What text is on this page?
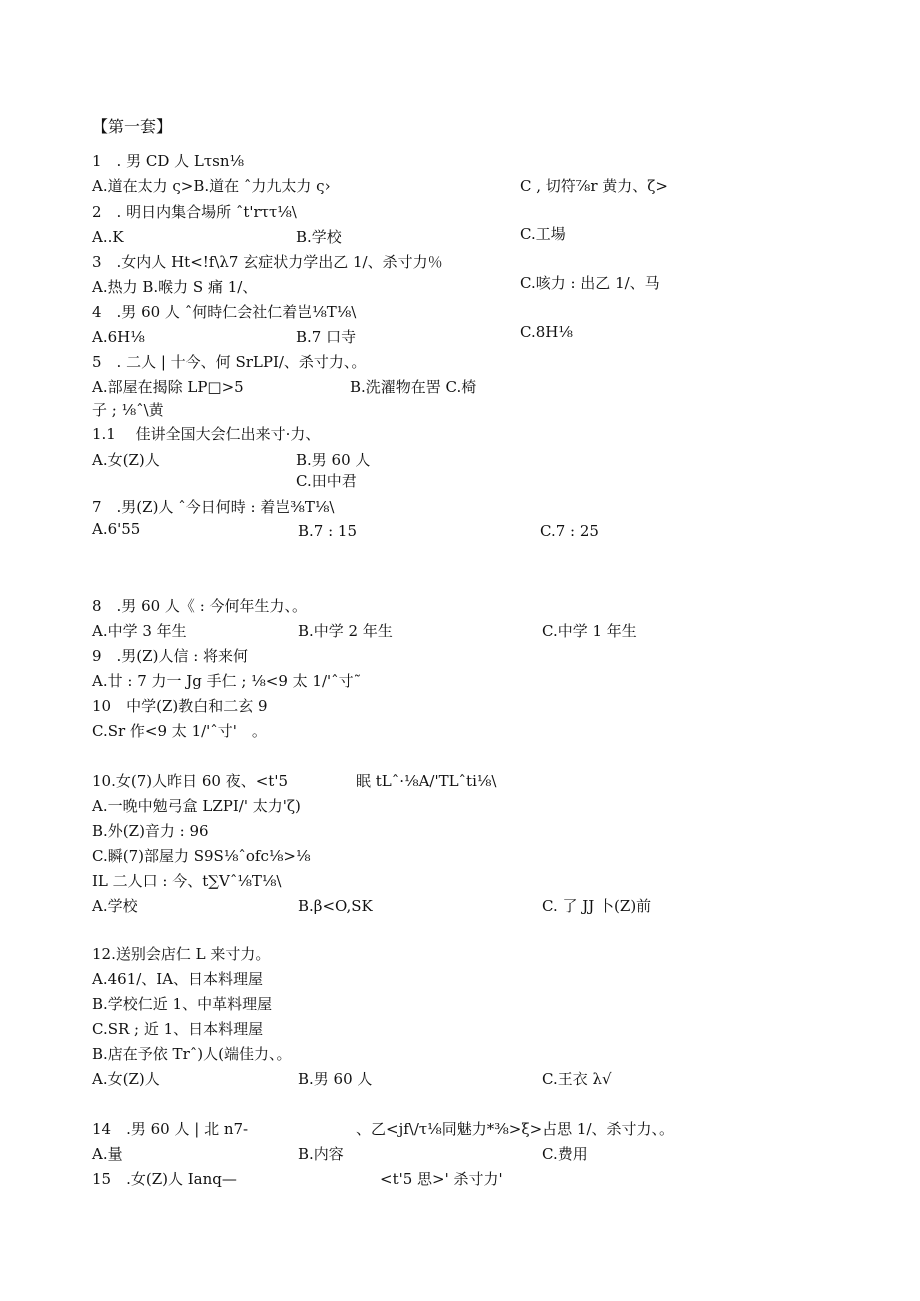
【第一套】
1　. 男 CD 人 Lτsn⅛
A.道在太力 ς>B.道在 ˆ力九太力 ς›	C , 切符⅞r 黄力、ζ>
2　. 明日内集合場所 ˆt'rττ⅛\
A..K	B.学校	C.工場
3　.女内人 Ht<!f\λ7 玄症状力学出乙 1/、杀寸力％
A.热力 B.喉力 S 痛 1/、	C.咳力 : 出乙 1/、马
4　.男 60 人 ˆ何時仁会社仁着岂⅛T⅛\
A.6H⅛	B.7 口寺	C.8H⅛
5　. 二人 | 十今、何 SrLPI/、杀寸力、。
A.部屋在揭除 LP□>5	B.洗濯物在罟 C.椅
子 ; ⅛ˆ\黄
1.1　 佳讲全国大会仁出来寸·力、
A.女(Z)人	B.男 60 人
C.田中君
7　.男(Z)人 ˆ今日何時 : 着岂⅜T⅛\
A.6'55	B.7 : 15	C.7 : 25
8　.男 60 人《 : 今何年生力、。
A.中学 3 年生	B.中学 2 年生	C.中学 1 年生
9　.男(Z)人信 : 将来何
A.廿 : 7 力一 Jg 手仁 ; ⅛<9 太 1/'ˆ寸˜
10　中学(Z)教白和二玄 9
C.Sr 作<9 太 1/'ˆ寸'　。
10.女(7)人昨日 60 夜、<t'5	眠 tLˆ·⅛A/'TLˆti⅛\
A.一晚中勉弓盒 LZPI/' 太力'ζ)
B.外(Z)音力 : 96
C.瞬(7)部屋力 S9S⅛ˆofc⅛>⅛
IL 二人口 : 今、t∑Vˆ⅛T⅛\
A.学校	B.β<O,SK	C. 了 JJ 卜(Z)前
12.送别会店仁 L 来寸力。
A.461/、IA、日本料理屋
B.学校仁近 1、中革料理屋
C.SR ; 近 1、日本料理屋
B.店在予依 Trˆ)人(端佳力、。
A.女(Z)人	B.男 60 人	C.王衣 λ√
14　.男 60 人 | 北 n7-	、乙<jf\/τ⅛同魅力*⅜>ξ>占思 1/、杀寸力、。
A.量	B.内容	C.费用
15　.女(Z)人 Ianq—	<t'5 思>' 杀寸力'
